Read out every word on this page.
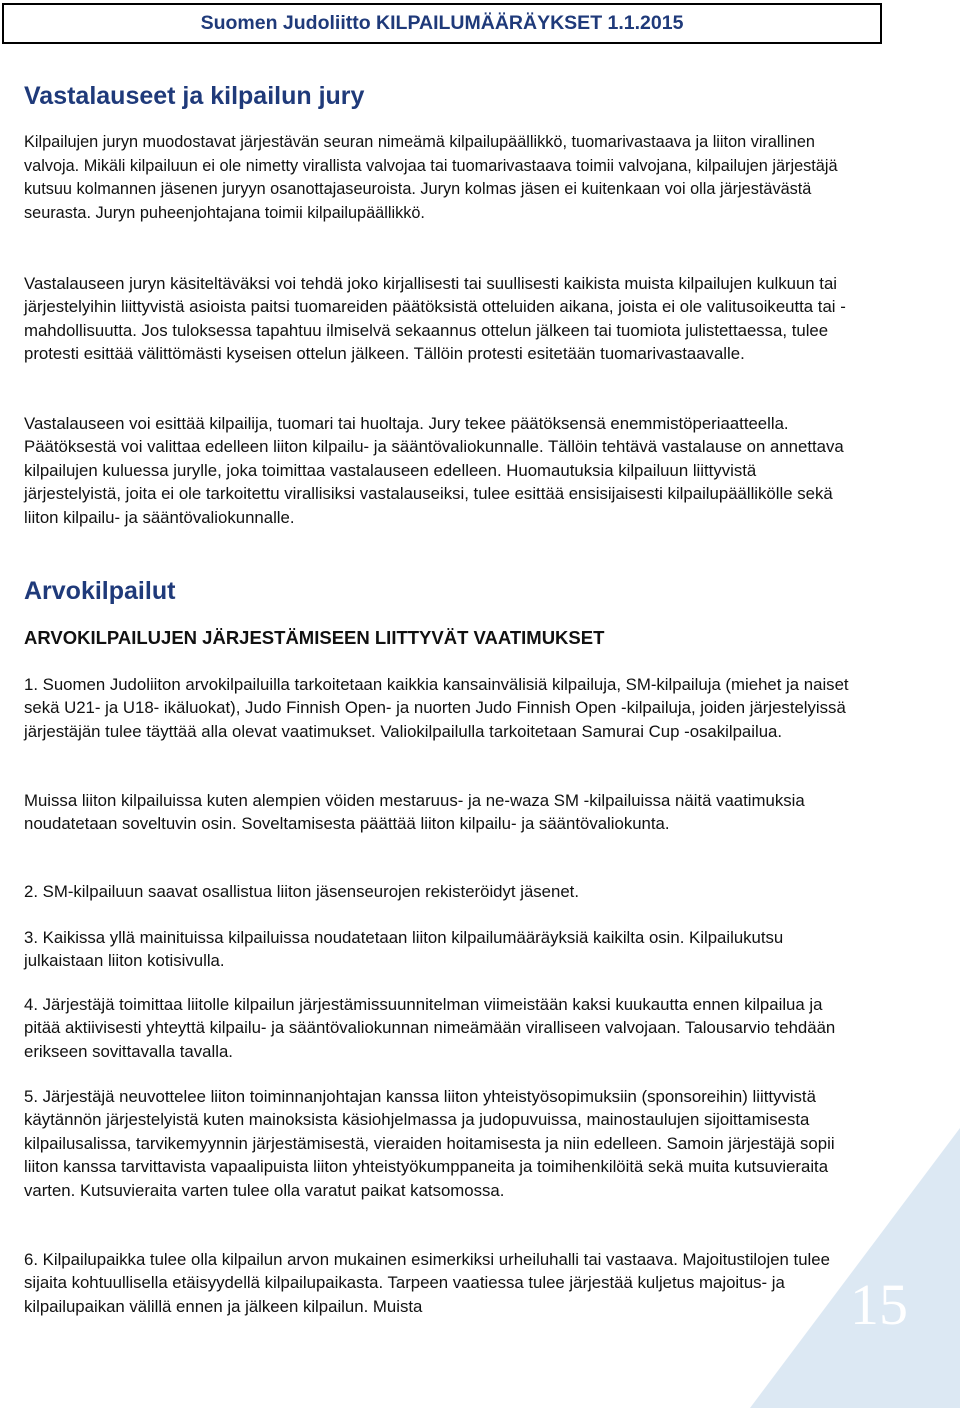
Suomen Judoliitto KILPAILUMÄÄRÄYKSET 1.1.2015
Vastalauseet ja kilpailun jury

Kilpailujen juryn muodostavat järjestävän seuran nimeämä kilpailupäällikkö, tuomarivastaava ja liiton virallinen valvoja. Mikäli kilpailuun ei ole nimetty virallista valvojaa tai tuomarivastaava toimii valvojana, kilpailujen järjestäjä kutsuu kolmannen jäsenen juryyn osanottajaseuroista. Juryn kolmas jäsen ei kuitenkaan voi olla järjestävästä seurasta. Juryn puheenjohtajana toimii kilpailupäällikkö.

Vastalauseen juryn käsiteltäväksi voi tehdä joko kirjallisesti tai suullisesti kaikista muista kilpailujen kulkuun tai järjestelyihin liittyvistä asioista paitsi tuomareiden päätöksistä otteluiden aikana, joista ei ole valitusoikeutta tai -mahdollisuutta. Jos tuloksessa tapahtuu ilmiselvä sekaannus ottelun jälkeen tai tuomiota julistettaessa, tulee protesti esittää välittömästi kyseisen ottelun jälkeen. Tällöin protesti esitetään tuomarivastaavalle.

Vastalauseen voi esittää kilpailija, tuomari tai huoltaja. Jury tekee päätöksensä enemmistöperiaatteella. Päätöksestä voi valittaa edelleen liiton kilpailu- ja sääntövaliokunnalle. Tällöin tehtävä vastalause on annettava kilpailujen kuluessa jurylle, joka toimittaa vastalauseen edelleen. Huomautuksia kilpailuun liittyvistä järjestelyistä, joita ei ole tarkoitettu virallisiksi vastalauseiksi, tulee esittää ensisijaisesti kilpailupäällikölle sekä liiton kilpailu- ja sääntövaliokunnalle.

Arvokilpailut
ARVOKILPAILUJEN JÄRJESTÄMISEEN LIITTYVÄT VAATIMUKSET

1. Suomen Judoliiton arvokilpailuilla tarkoitetaan kaikkia kansainvälisiä kilpailuja, SM-kilpailuja (miehet ja naiset sekä U21- ja U18- ikäluokat), Judo Finnish Open- ja nuorten Judo Finnish Open -kilpailuja, joiden järjestelyissä järjestäjän tulee täyttää alla olevat vaatimukset. Valiokilpailulla tarkoitetaan Samurai Cup -osakilpailua.

Muissa liiton kilpailuissa kuten alempien vöiden mestaruus- ja ne-waza SM -kilpailuissa näitä vaatimuksia noudatetaan soveltuvin osin. Soveltamisesta päättää liiton kilpailu- ja sääntövaliokunta.

2. SM-kilpailuun saavat osallistua liiton jäsenseurojen rekisteröidyt jäsenet.

3. Kaikissa yllä mainituissa kilpailuissa noudatetaan liiton kilpailumääräyksiä kaikilta osin. Kilpailukutsu julkaistaan liiton kotisivulla.

4. Järjestäjä toimittaa liitolle kilpailun järjestämissuunnitelman viimeistään kaksi kuukautta ennen kilpailua ja pitää aktiivisesti yhteyttä kilpailu- ja sääntövaliokunnan nimeämään viralliseen valvojaan. Talousarvio tehdään erikseen sovittavalla tavalla.

5. Järjestäjä neuvottelee liiton toiminnanjohtajan kanssa liiton yhteistyösopimuksiin (sponsoreihin) liittyvistä käytännön järjestelyistä kuten mainoksista käsiohjelmassa ja judopuvuissa, mainostaulujen sijoittamisesta kilpailusalissa, tarvikemyynnin järjestämisestä, vieraiden hoitamisesta ja niin edelleen. Samoin järjestäjä sopii liiton kanssa tarvittavista vapaalipuista liiton yhteistyökumppaneita ja toimihenkilöitä sekä muita kutsuvieraita varten. Kutsuvieraita varten tulee olla varatut paikat katsomossa.

6. Kilpailupaikka tulee olla kilpailun arvon mukainen esimerkiksi urheiluhalli tai vastaava. Majoitustilojen tulee sijaita kohtuullisella etäisyydellä kilpailupaikasta. Tarpeen vaatiessa tulee järjestää kuljetus majoitus- ja kilpailupaikan välillä ennen ja jälkeen kilpailun. Muista	15
